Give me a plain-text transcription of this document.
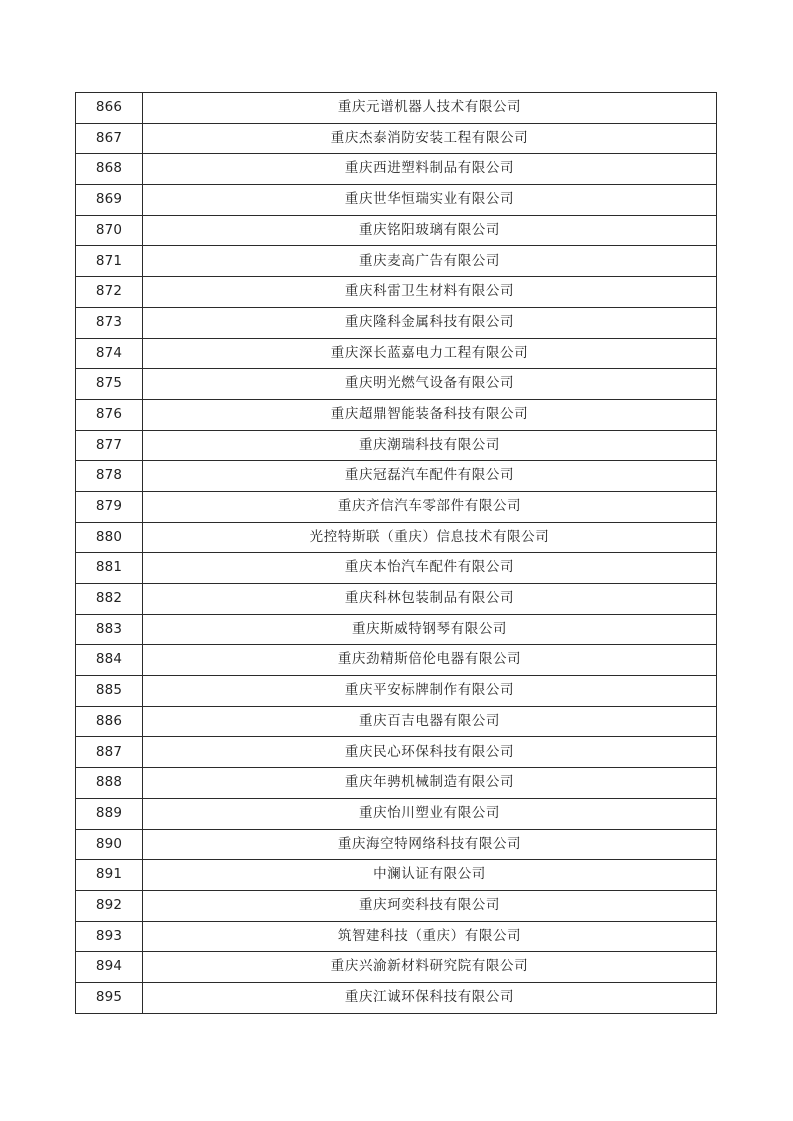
866	重庆元谱机器人技术有限公司
867	重庆杰泰消防安装工程有限公司
868	重庆西进塑料制品有限公司
869	重庆世华恒瑞实业有限公司
870	重庆铭阳玻璃有限公司
871	重庆麦高广告有限公司
872	重庆科雷卫生材料有限公司
873	重庆隆科金属科技有限公司
874	重庆深长蓝嘉电力工程有限公司
875	重庆明光燃气设备有限公司
876	重庆超鼎智能装备科技有限公司
877	重庆潮瑞科技有限公司
878	重庆冠磊汽车配件有限公司
879	重庆齐信汽车零部件有限公司
880	光控特斯联（重庆）信息技术有限公司
881	重庆本怡汽车配件有限公司
882	重庆科林包装制品有限公司
883	重庆斯威特钢琴有限公司
884	重庆劲精斯倍伦电器有限公司
885	重庆平安标牌制作有限公司
886	重庆百吉电器有限公司
887	重庆民心环保科技有限公司
888	重庆年骋机械制造有限公司
889	重庆怡川塑业有限公司
890	重庆海空特网络科技有限公司
891	中澜认证有限公司
892	重庆珂奕科技有限公司
893	筑智建科技（重庆）有限公司
894	重庆兴渝新材料研究院有限公司
895	重庆江诚环保科技有限公司
